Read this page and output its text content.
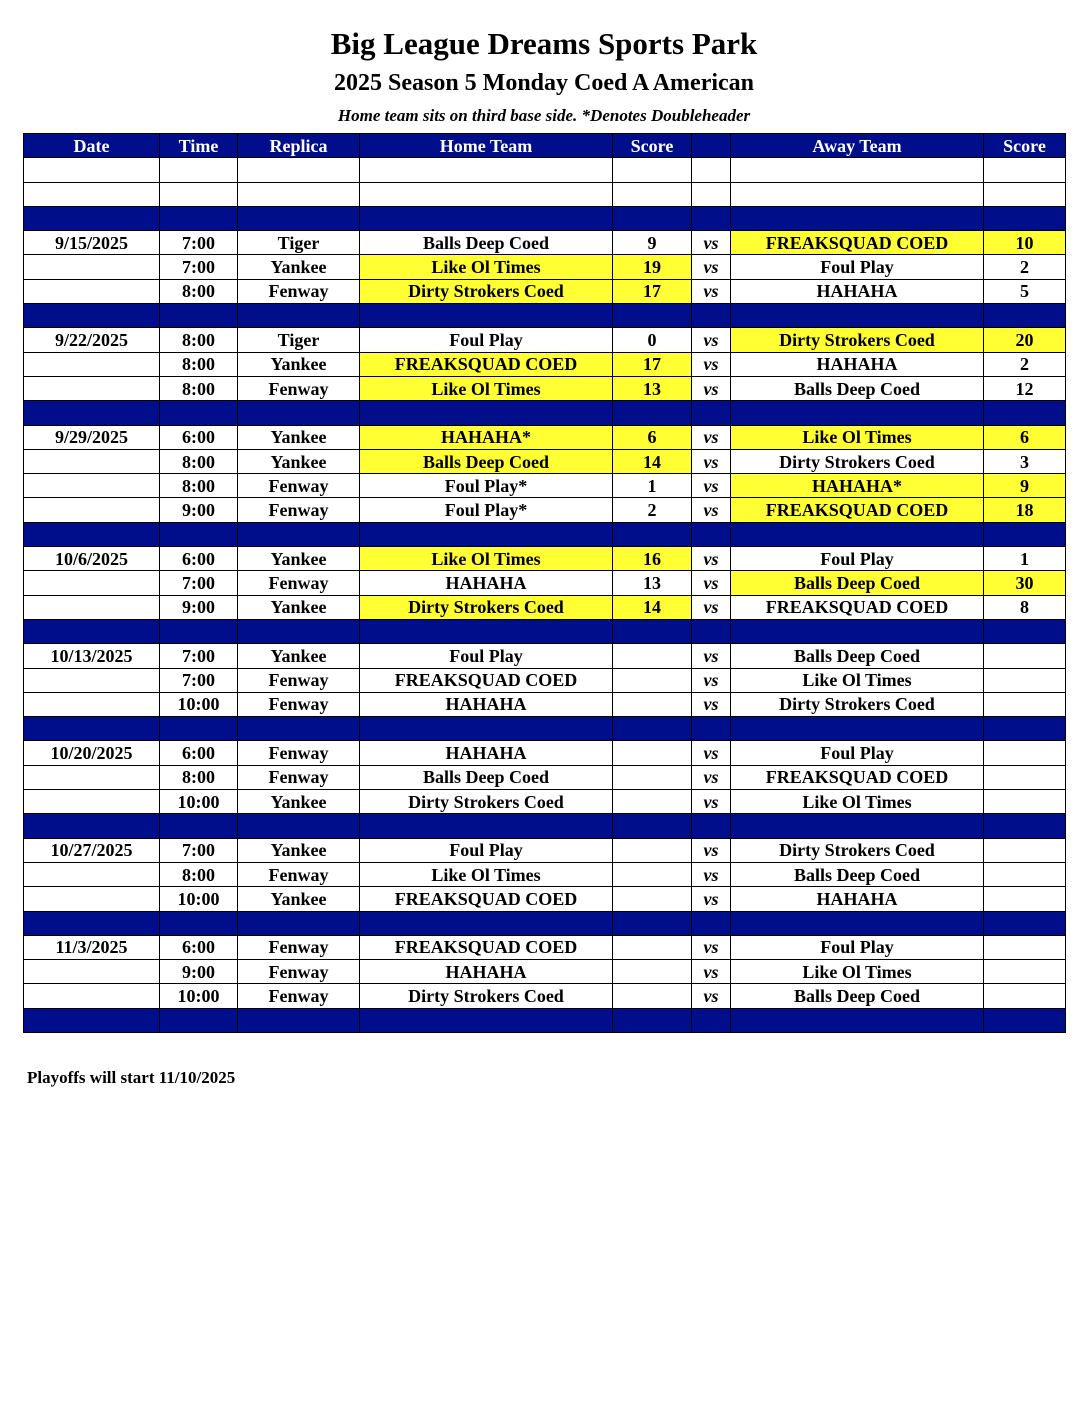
Big League Dreams Sports Park
2025 Season 5 Monday Coed A American
Home team sits on third base side. *Denotes Doubleheader
Date	Time	Replica	Home Team	Score		Away Team	Score

9/15/2025	7:00	Tiger	Balls Deep Coed	9	vs	FREAKSQUAD COED	10
	7:00	Yankee	Like Ol Times	19	vs	Foul Play	2
	8:00	Fenway	Dirty Strokers Coed	17	vs	HAHAHA	5

9/22/2025	8:00	Tiger	Foul Play	0	vs	Dirty Strokers Coed	20
	8:00	Yankee	FREAKSQUAD COED	17	vs	HAHAHA	2
	8:00	Fenway	Like Ol Times	13	vs	Balls Deep Coed	12

9/29/2025	6:00	Yankee	HAHAHA*	6	vs	Like Ol Times	6
	8:00	Yankee	Balls Deep Coed	14	vs	Dirty Strokers Coed	3
	8:00	Fenway	Foul Play*	1	vs	HAHAHA*	9
	9:00	Fenway	Foul Play*	2	vs	FREAKSQUAD COED	18

10/6/2025	6:00	Yankee	Like Ol Times	16	vs	Foul Play	1
	7:00	Fenway	HAHAHA	13	vs	Balls Deep Coed	30
	9:00	Yankee	Dirty Strokers Coed	14	vs	FREAKSQUAD COED	8

10/13/2025	7:00	Yankee	Foul Play		vs	Balls Deep Coed	
	7:00	Fenway	FREAKSQUAD COED		vs	Like Ol Times	
	10:00	Fenway	HAHAHA		vs	Dirty Strokers Coed	

10/20/2025	6:00	Fenway	HAHAHA		vs	Foul Play	
	8:00	Fenway	Balls Deep Coed		vs	FREAKSQUAD COED	
	10:00	Yankee	Dirty Strokers Coed		vs	Like Ol Times	

10/27/2025	7:00	Yankee	Foul Play		vs	Dirty Strokers Coed	
	8:00	Fenway	Like Ol Times		vs	Balls Deep Coed	
	10:00	Yankee	FREAKSQUAD COED		vs	HAHAHA	

11/3/2025	6:00	Fenway	FREAKSQUAD COED		vs	Foul Play	
	9:00	Fenway	HAHAHA		vs	Like Ol Times	
	10:00	Fenway	Dirty Strokers Coed		vs	Balls Deep Coed	

Playoffs will start 11/10/2025
